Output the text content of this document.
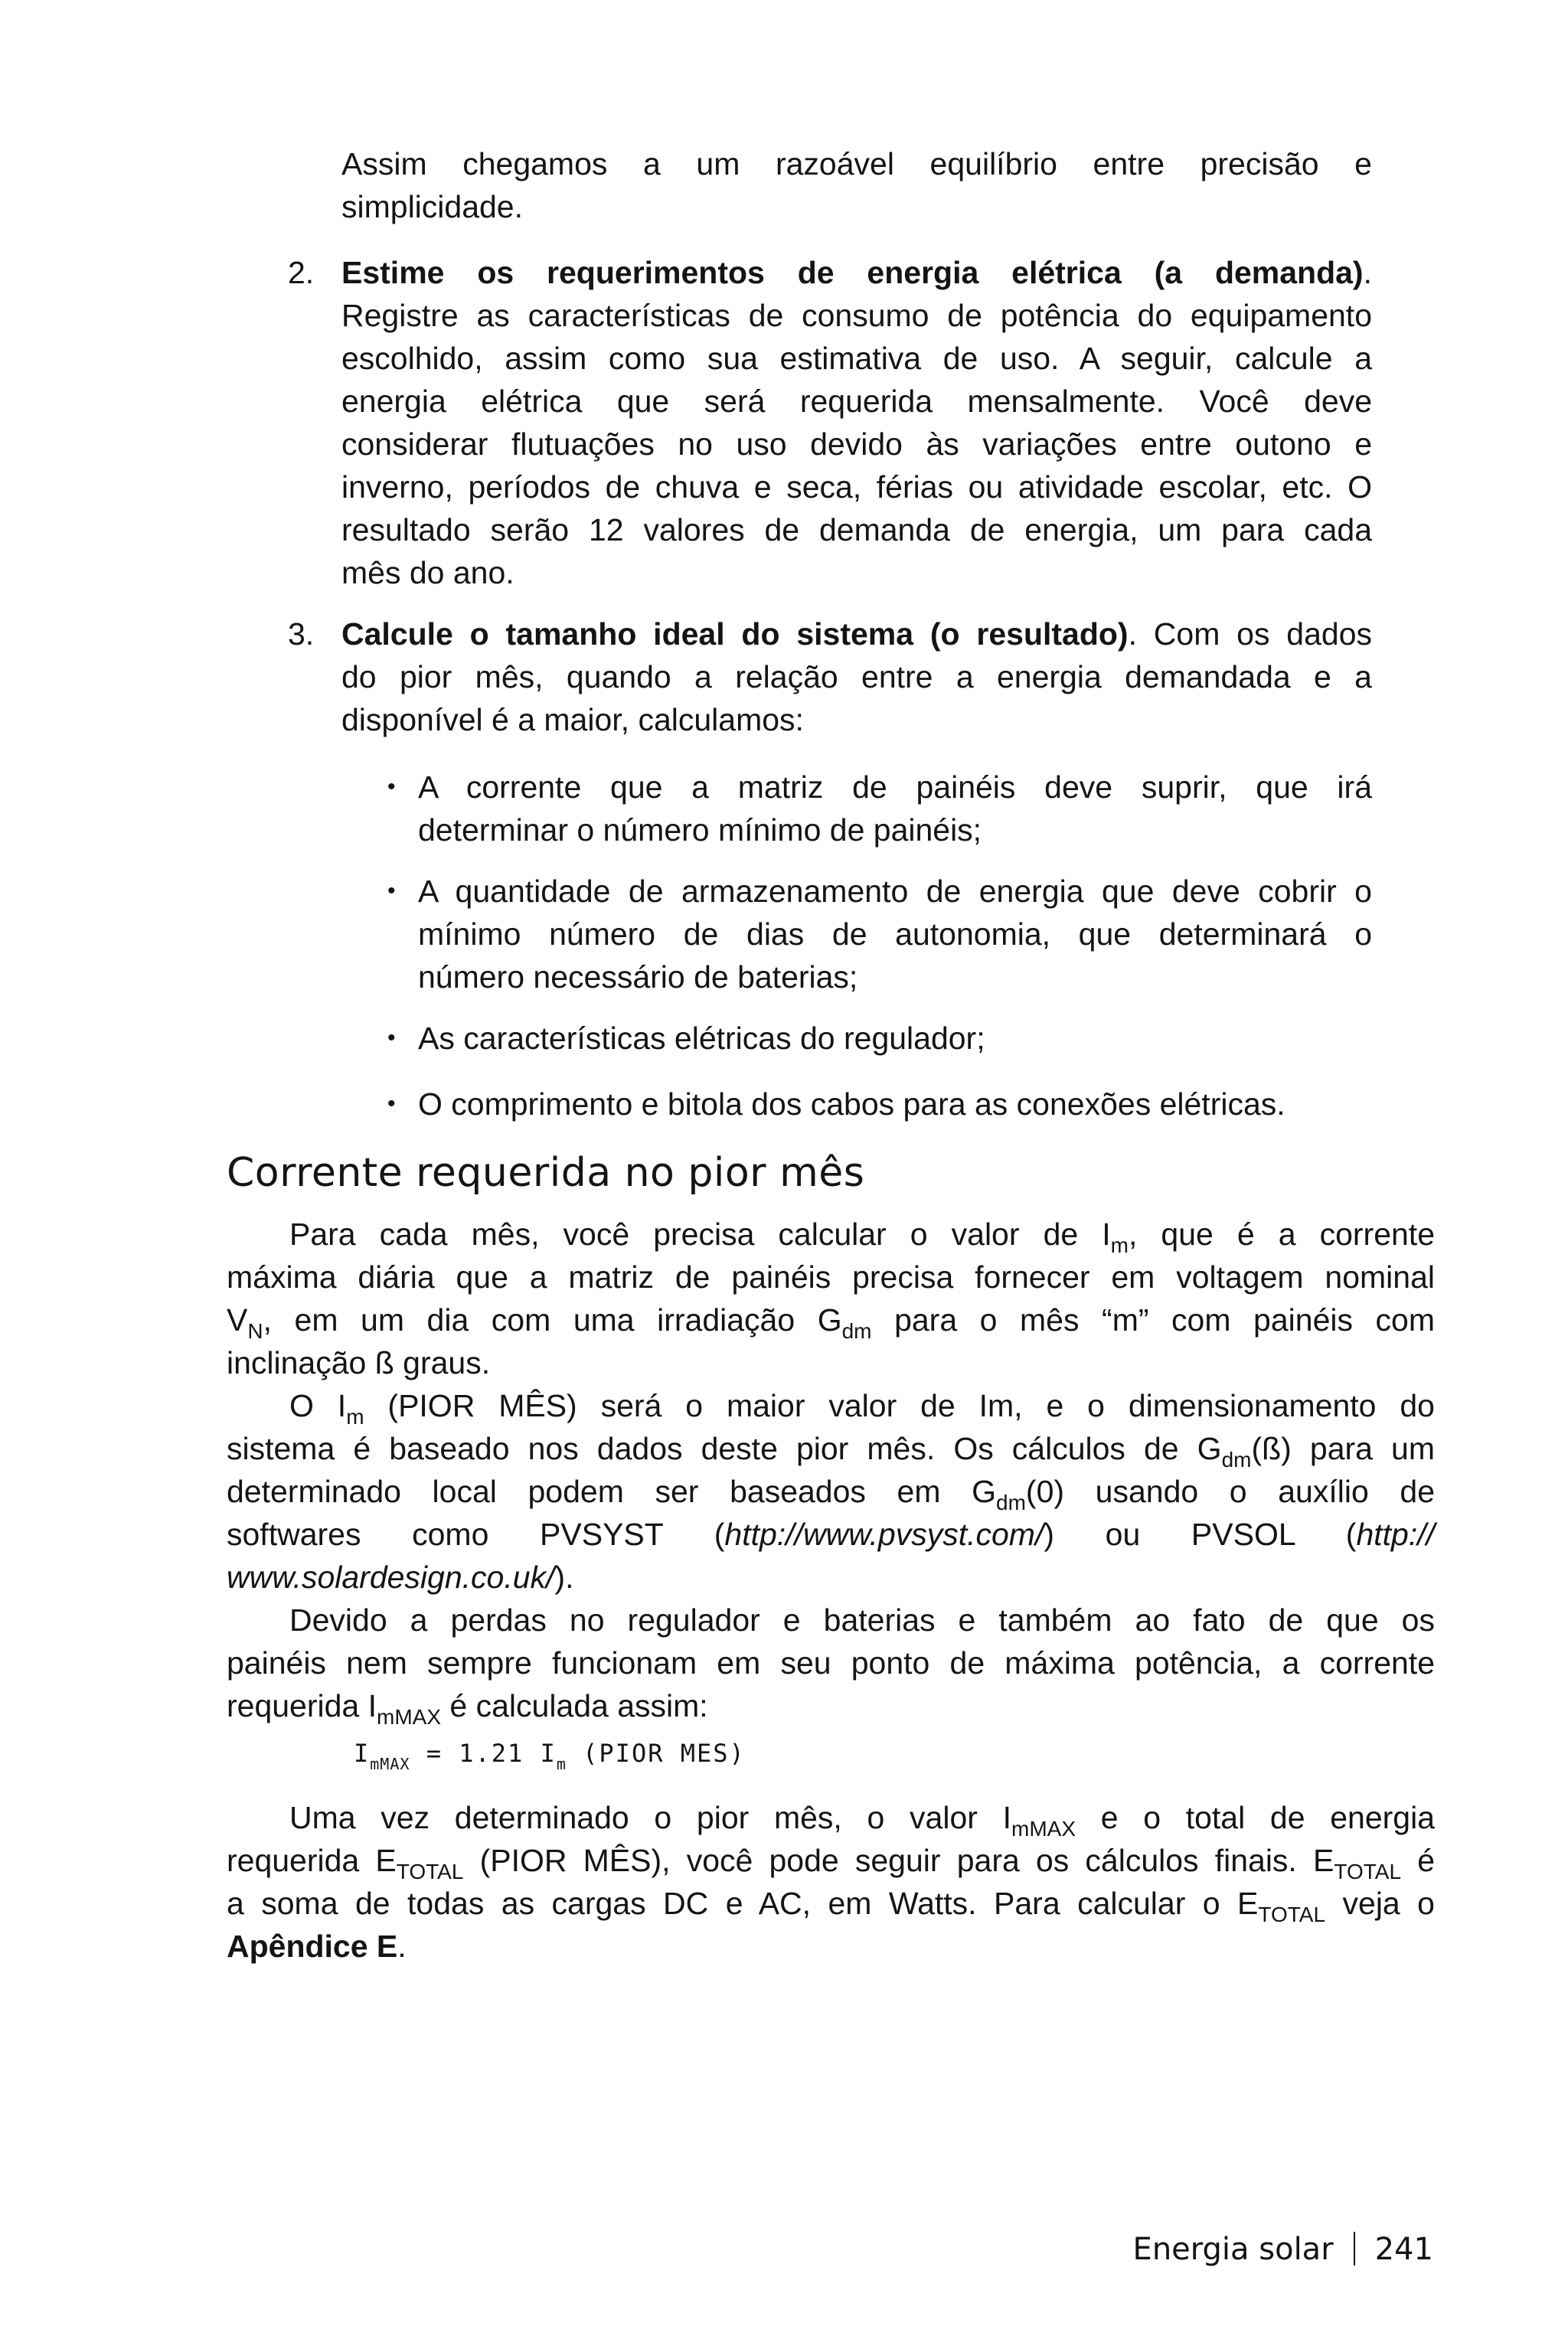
Assim chegamos a um razoável equilíbrio entre precisão e
simplicidade.
2. Estime os requerimentos de energia elétrica (a demanda).
Registre as características de consumo de potência do equipamento
escolhido, assim como sua estimativa de uso. A seguir, calcule a
energia elétrica que será requerida mensalmente. Você deve
considerar flutuações no uso devido às variações entre outono e
inverno, períodos de chuva e seca, férias ou atividade escolar, etc. O
resultado serão 12 valores de demanda de energia, um para cada
mês do ano.
3. Calcule o tamanho ideal do sistema (o resultado). Com os dados
do pior mês, quando a relação entre a energia demandada e a
disponível é a maior, calculamos:
• A corrente que a matriz de painéis deve suprir, que irá
determinar o número mínimo de painéis;
• A quantidade de armazenamento de energia que deve cobrir o
mínimo número de dias de autonomia, que determinará o
número necessário de baterias;
• As características elétricas do regulador;
• O comprimento e bitola dos cabos para as conexões elétricas.
Corrente requerida no pior mês
Para cada mês, você precisa calcular o valor de $I_m$, que é a corrente
máxima diária que a matriz de painéis precisa fornecer em voltagem nominal
$V_N$, em um dia com uma irradiação $G_{dm}$ para o mês “m” com painéis com
inclinação ß graus.
O $I_m$ (PIOR MÊS) será o maior valor de Im, e o dimensionamento do
sistema é baseado nos dados deste pior mês. Os cálculos de $G_{dm}(ß)$ para um
determinado local podem ser baseados em $G_{dm}(0)$ usando o auxílio de
softwares como PVSYST (http://www.pvsyst.com/) ou PVSOL (http://
www.solardesign.co.uk/).
Devido a perdas no regulador e baterias e também ao fato de que os
painéis nem sempre funcionam em seu ponto de máxima potência, a corrente
requerida $I_{mMAX}$ é calculada assim:
$I_{mMAX} = 1.21$ $I_m$ (PIOR MES)
Uma vez determinado o pior mês, o valor $I_{mMAX}$ e o total de energia
requerida $E_{TOTAL}$ (PIOR MÊS), você pode seguir para os cálculos finais. $E_{TOTAL}$ é
a soma de todas as cargas DC e AC, em Watts. Para calcular o $E_{TOTAL}$ veja o
Apêndice E.
Energia solar 241
